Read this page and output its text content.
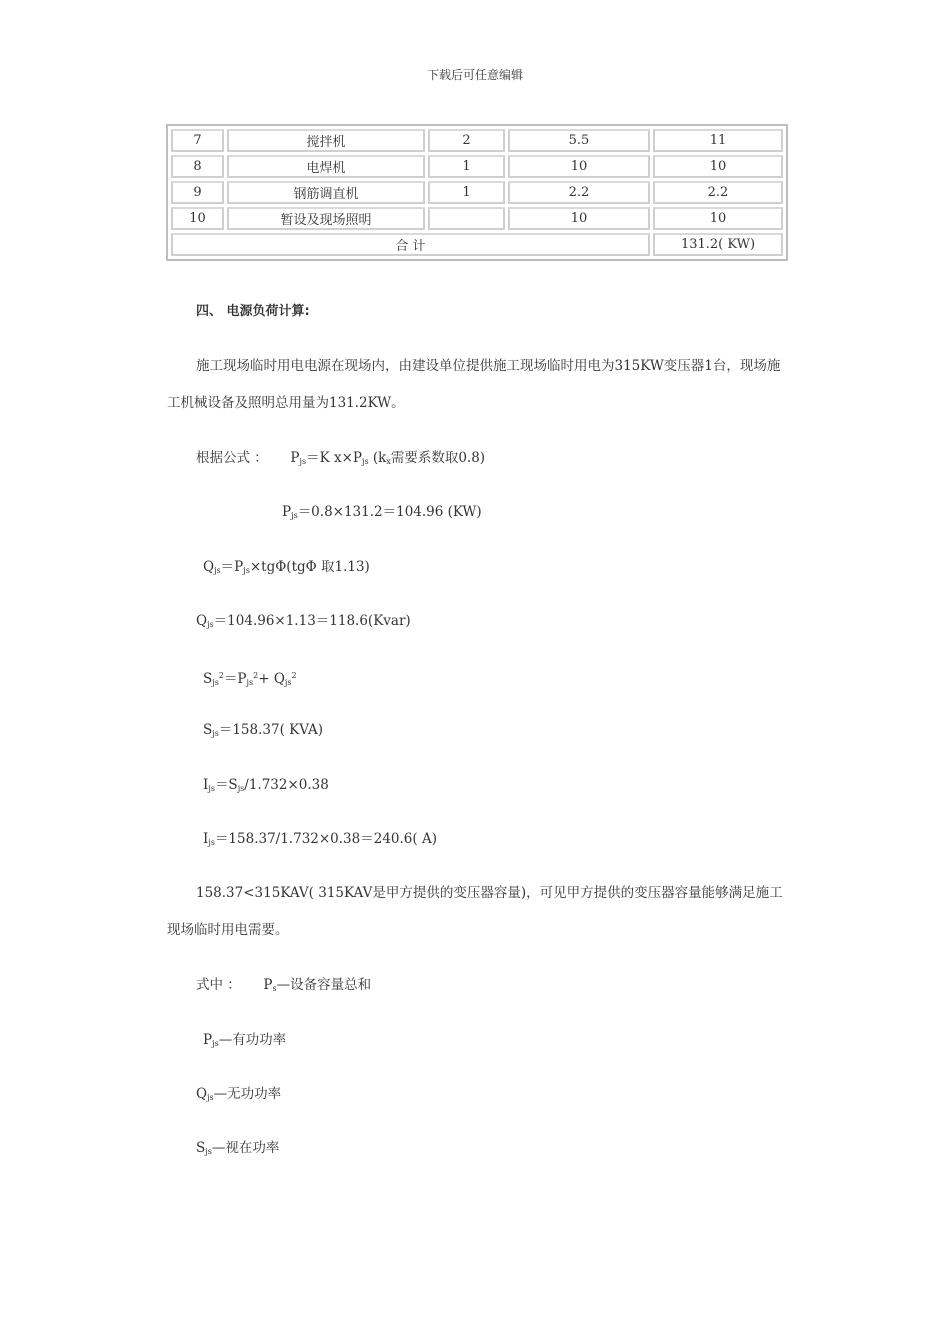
下载后可任意编辑
7	搅拌机	2	5.5	11
8	电焊机	1	10	10
9	钢筋调直机	1	2.2	2.2
10	暂设及现场照明		10	10
合 计				131.2( KW)
四、 电源负荷计算:
施工现场临时用电电源在现场内，由建设单位提供施工现场临时用电为315KW变压器1台，现场施工机械设备及照明总用量为131.2KW。
根据公式 ： $P_{js}=K$ $x\times P_{js}$ ($k_x$需要系数取0.8)
$P_{js}=0.8\times 131.2=104.96$ (KW)
$Q_{js}=P_{js}\times tg\Phi(tg\Phi$ 取1.13)
$Q_{js}=104.96\times 1.13=118.6(Kvar)$
$S_{js}^2=P_{js}^2+ Q_{js}^2$
$S_{js}=158.37$( KVA)
$I_{js}=S_{js}/1.732\times 0.38$
$I_{js}=158.37/1.732\times 0.38=240.6$( A)
158.37<315KAV( 315KAV是甲方提供的变压器容量)，可见甲方提供的变压器容量能够满足施工现场临时用电需要。
式中 ： $P_s—$设备容量总和
$P_{js}—$有功功率
$Q_{js}—$无功功率
$S_{js}—$视在功率
